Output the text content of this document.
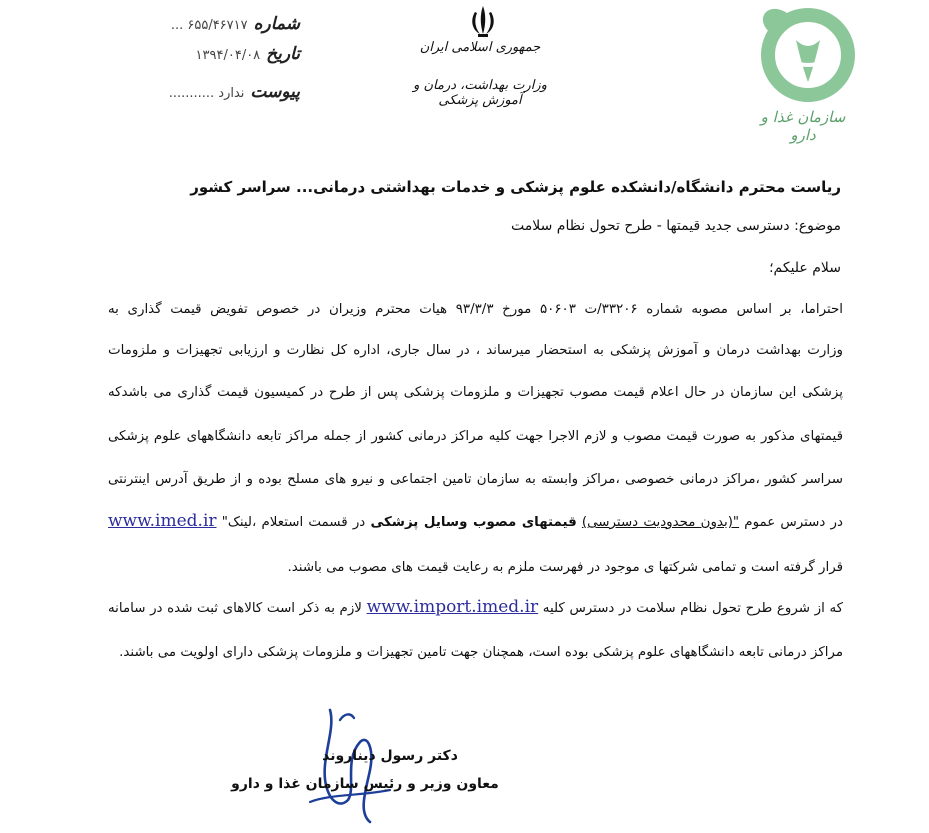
سازمان غذا و دارو
جمهوری اسلامی ایران
وزارت بهداشت، درمان و آموزش پزشکی
شماره
۶۵۵/۴۶۷۱۷ ...
تاریخ
۱۳۹۴/۰۴/۰۸
پیوست
ندارد ...........
ریاست محترم دانشگاه/دانشکده علوم پزشکی و خدمات بهداشتی درمانی... سراسر کشور
موضوع: دسترسی جدید قیمتها - طرح تحول نظام سلامت
سلام علیکم؛
احتراما، بر اساس مصوبه شماره ۳۳۲۰۶/ت ۵۰۶۰۳ مورخ ۹۳/۳/۳ هیات محترم وزیران در خصوص تفویض قیمت گذاری به
وزارت بهداشت درمان و آموزش پزشکی به استحضار میرساند ، در سال جاری، اداره کل نظارت و ارزیابی تجهیزات و ملزومات
پزشکی این سازمان در حال اعلام قیمت مصوب تجهیزات و ملزومات پزشکی پس از طرح در کمیسیون قیمت گذاری می باشدکه
قیمتهای مذکور به صورت قیمت مصوب و لازم الاجرا جهت کلیه مراکز درمانی کشور از جمله مراکز تابعه دانشگاههای علوم پزشکی
سراسر کشور ،مراکز درمانی خصوصی ،مراکز وابسته به سازمان تامین اجتماعی و نیرو های مسلح بوده و از طریق آدرس اینترنتی
در دسترس عموم "(بدون محدودیت دسترسی) قیمتهای مصوب وسایل پزشکی در قسمت استعلام ،لینک" www.imed.ir
قرار گرفته است و تمامی شرکتها ی موجود در فهرست ملزم به رعایت قیمت های مصوب می باشند.
که از شروع طرح تحول نظام سلامت در دسترس کلیه www.import.imed.ir لازم به ذکر است کالاهای ثبت شده در سامانه
مراکز درمانی تابعه دانشگاههای علوم پزشکی بوده است، همچنان جهت تامین تجهیزات و ملزومات پزشکی دارای اولویت می باشند.
دکتر رسول دیناروند
معاون وزیر و رئیس سازمان غذا و دارو
